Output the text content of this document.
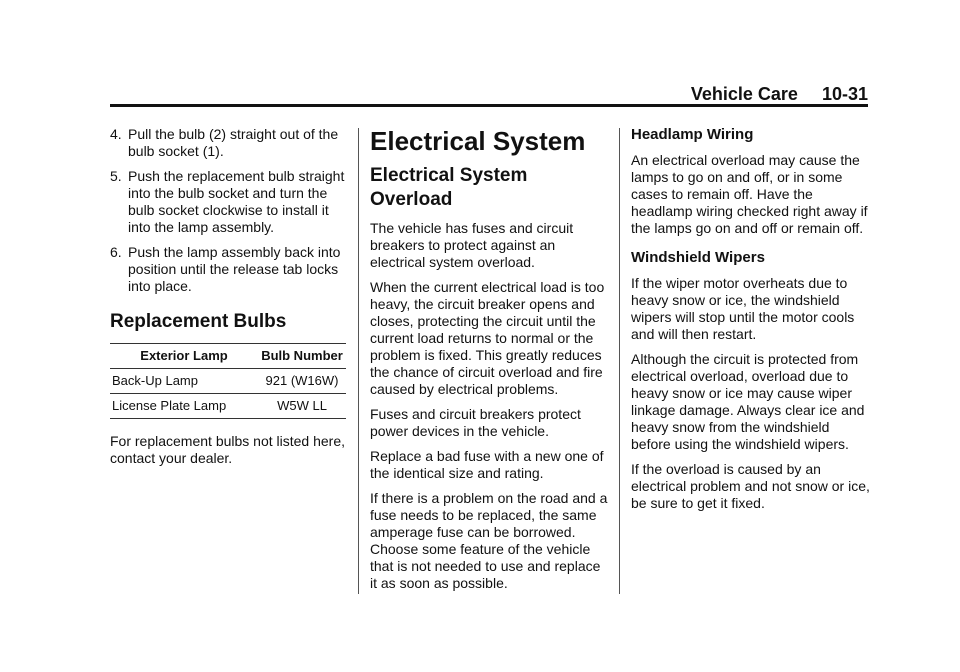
Vehicle Care 10-31
4. Pull the bulb (2) straight out of the bulb socket (1).
5. Push the replacement bulb straight into the bulb socket and turn the bulb socket clockwise to install it into the lamp assembly.
6. Push the lamp assembly back into position until the release tab locks into place.
Replacement Bulbs
Exterior Lamp	Bulb Number
Back-Up Lamp	921 (W16W)
License Plate Lamp	W5W LL

For replacement bulbs not listed here, contact your dealer.

Electrical System
Electrical System Overload

The vehicle has fuses and circuit breakers to protect against an electrical system overload.

When the current electrical load is too heavy, the circuit breaker opens and closes, protecting the circuit until the current load returns to normal or the problem is fixed. This greatly reduces the chance of circuit overload and fire caused by electrical problems.

Fuses and circuit breakers protect power devices in the vehicle.

Replace a bad fuse with a new one of the identical size and rating.

If there is a problem on the road and a fuse needs to be replaced, the same amperage fuse can be borrowed. Choose some feature of the vehicle that is not needed to use and replace it as soon as possible.

Headlamp Wiring

An electrical overload may cause the lamps to go on and off, or in some cases to remain off. Have the headlamp wiring checked right away if the lamps go on and off or remain off.

Windshield Wipers

If the wiper motor overheats due to heavy snow or ice, the windshield wipers will stop until the motor cools and will then restart.

Although the circuit is protected from electrical overload, overload due to heavy snow or ice may cause wiper linkage damage. Always clear ice and heavy snow from the windshield before using the windshield wipers.

If the overload is caused by an electrical problem and not snow or ice, be sure to get it fixed.
